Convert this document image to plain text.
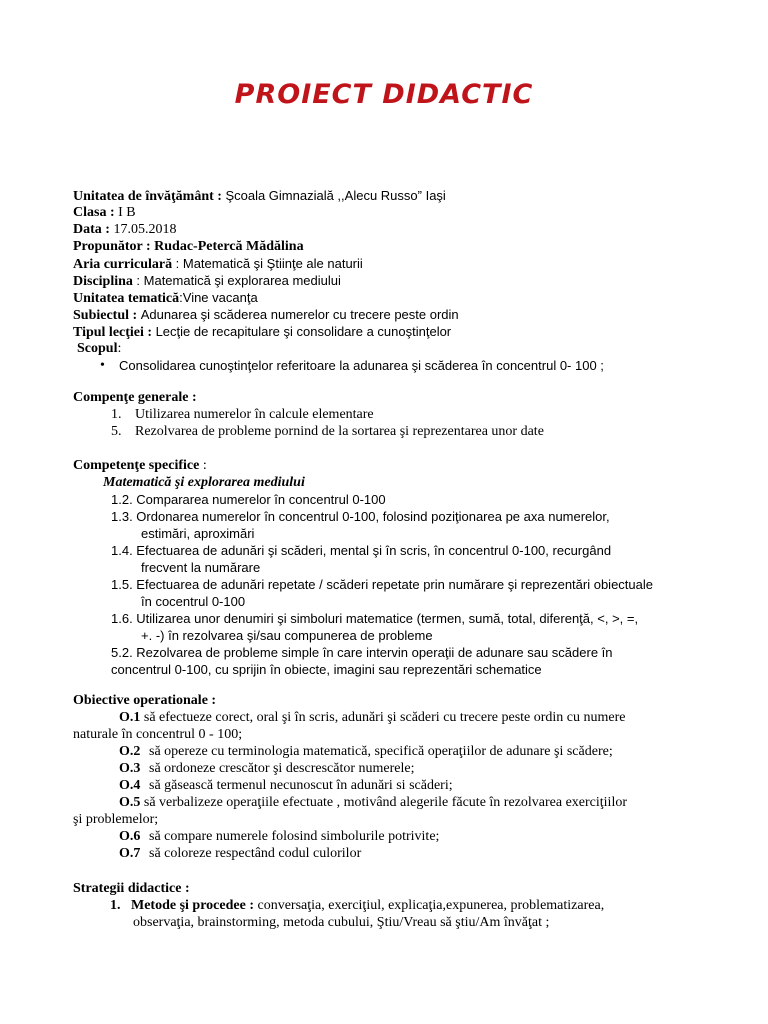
PROIECT DIDACTIC
Unitatea de învăţământ : Şcoala Gimnazială ,,Alecu Russo” Iaşi
Clasa : I B
Data : 17.05.2018
Propunător : Rudac-Petercă Mădălina
Aria curriculară : Matematică şi Ştiinţe ale naturii
Disciplina : Matematică şi explorarea mediului
Unitatea tematică:Vine vacanţa
Subiectul : Adunarea şi scăderea numerelor cu trecere peste ordin
Tipul lecţiei : Lecţie de recapitulare şi consolidare a cunoştinţelor
Scopul:
• Consolidarea cunoştinţelor referitoare la adunarea şi scăderea în concentrul 0- 100 ;
Compenţe generale :
1. Utilizarea numerelor în calcule elementare
5. Rezolvarea de probleme pornind de la sortarea şi reprezentarea unor date
Competenţe specifice :
Matematică şi explorarea mediului
1.2. Compararea numerelor în concentrul 0-100
1.3. Ordonarea numerelor în concentrul 0-100, folosind poziţionarea pe axa numerelor,
estimări, aproximări
1.4. Efectuarea de adunări şi scăderi, mental şi în scris, în concentrul 0-100, recurgând
frecvent la numărare
1.5. Efectuarea de adunări repetate / scăderi repetate prin numărare şi reprezentări obiectuale
în cocentrul 0-100
1.6. Utilizarea unor denumiri şi simboluri matematice (termen, sumă, total, diferenţă, <, >, =,
+. -) în rezolvarea şi/sau compunerea de probleme
5.2. Rezolvarea de probleme simple în care intervin operaţii de adunare sau scădere în
concentrul 0-100, cu sprijin în obiecte, imagini sau reprezentări schematice
Obiective operationale :
O.1 să efectueze corect, oral şi în scris, adunări şi scăderi cu trecere peste ordin cu numere
naturale în concentrul 0 - 100;
O.2 să opereze cu terminologia matematică, specifică operaţiilor de adunare şi scădere;
O.3 să ordoneze crescător şi descrescător numerele;
O.4 să găsească termenul necunoscut în adunări si scăderi;
O.5 să verbalizeze operaţiile efectuate , motivând alegerile făcute în rezolvarea exerciţiilor
şi problemelor;
O.6 să compare numerele folosind simbolurile potrivite;
O.7 să coloreze respectând codul culorilor
Strategii didactice :
1. Metode şi procedee : conversaţia, exerciţiul, explicaţia,expunerea, problematizarea,
observaţia, brainstorming, metoda cubului, Ştiu/Vreau să ştiu/Am învăţat ;
